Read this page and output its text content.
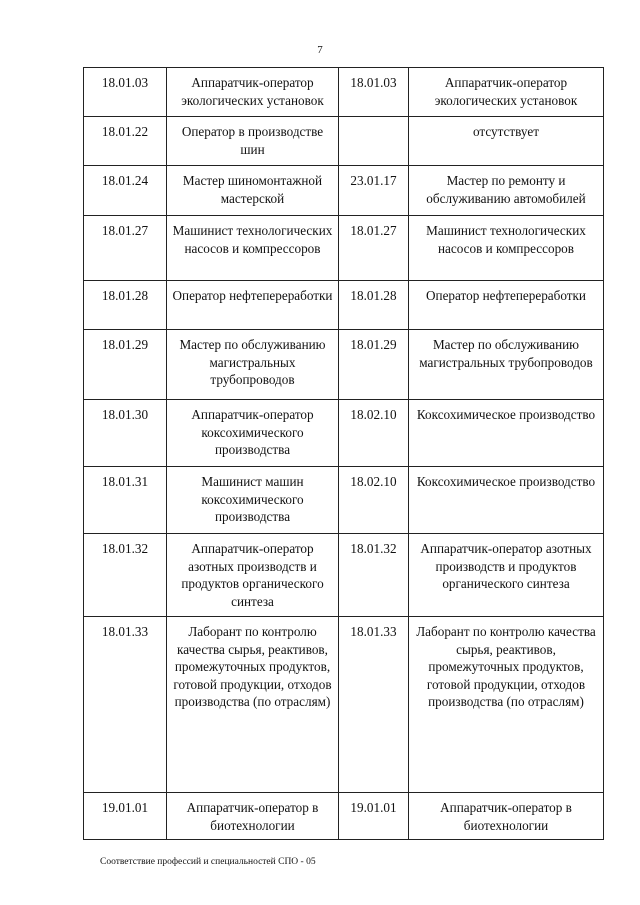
7
18.01.03	Аппаратчик-оператор экологических установок	18.01.03	Аппаратчик-оператор экологических установок
18.01.22	Оператор в производстве шин		отсутствует
18.01.24	Мастер шиномонтажной мастерской	23.01.17	Мастер по ремонту и обслуживанию автомобилей
18.01.27	Машинист технологических насосов и компрессоров	18.01.27	Машинист технологических насосов и компрессоров
18.01.28	Оператор нефтепереработки	18.01.28	Оператор нефтепереработки
18.01.29	Мастер по обслуживанию магистральных трубопроводов	18.01.29	Мастер по обслуживанию магистральных трубопроводов
18.01.30	Аппаратчик-оператор коксохимического производства	18.02.10	Коксохимическое производство
18.01.31	Машинист машин коксохимического производства	18.02.10	Коксохимическое производство
18.01.32	Аппаратчик-оператор азотных производств и продуктов органического синтеза	18.01.32	Аппаратчик-оператор азотных производств и продуктов органического синтеза
18.01.33	Лаборант по контролю качества сырья, реактивов, промежуточных продуктов, готовой продукции, отходов производства (по отраслям)	18.01.33	Лаборант по контролю качества сырья, реактивов, промежуточных продуктов, готовой продукции, отходов производства (по отраслям)
19.01.01	Аппаратчик-оператор в биотехнологии	19.01.01	Аппаратчик-оператор в биотехнологии
Соответствие профессий и специальностей СПО - 05
